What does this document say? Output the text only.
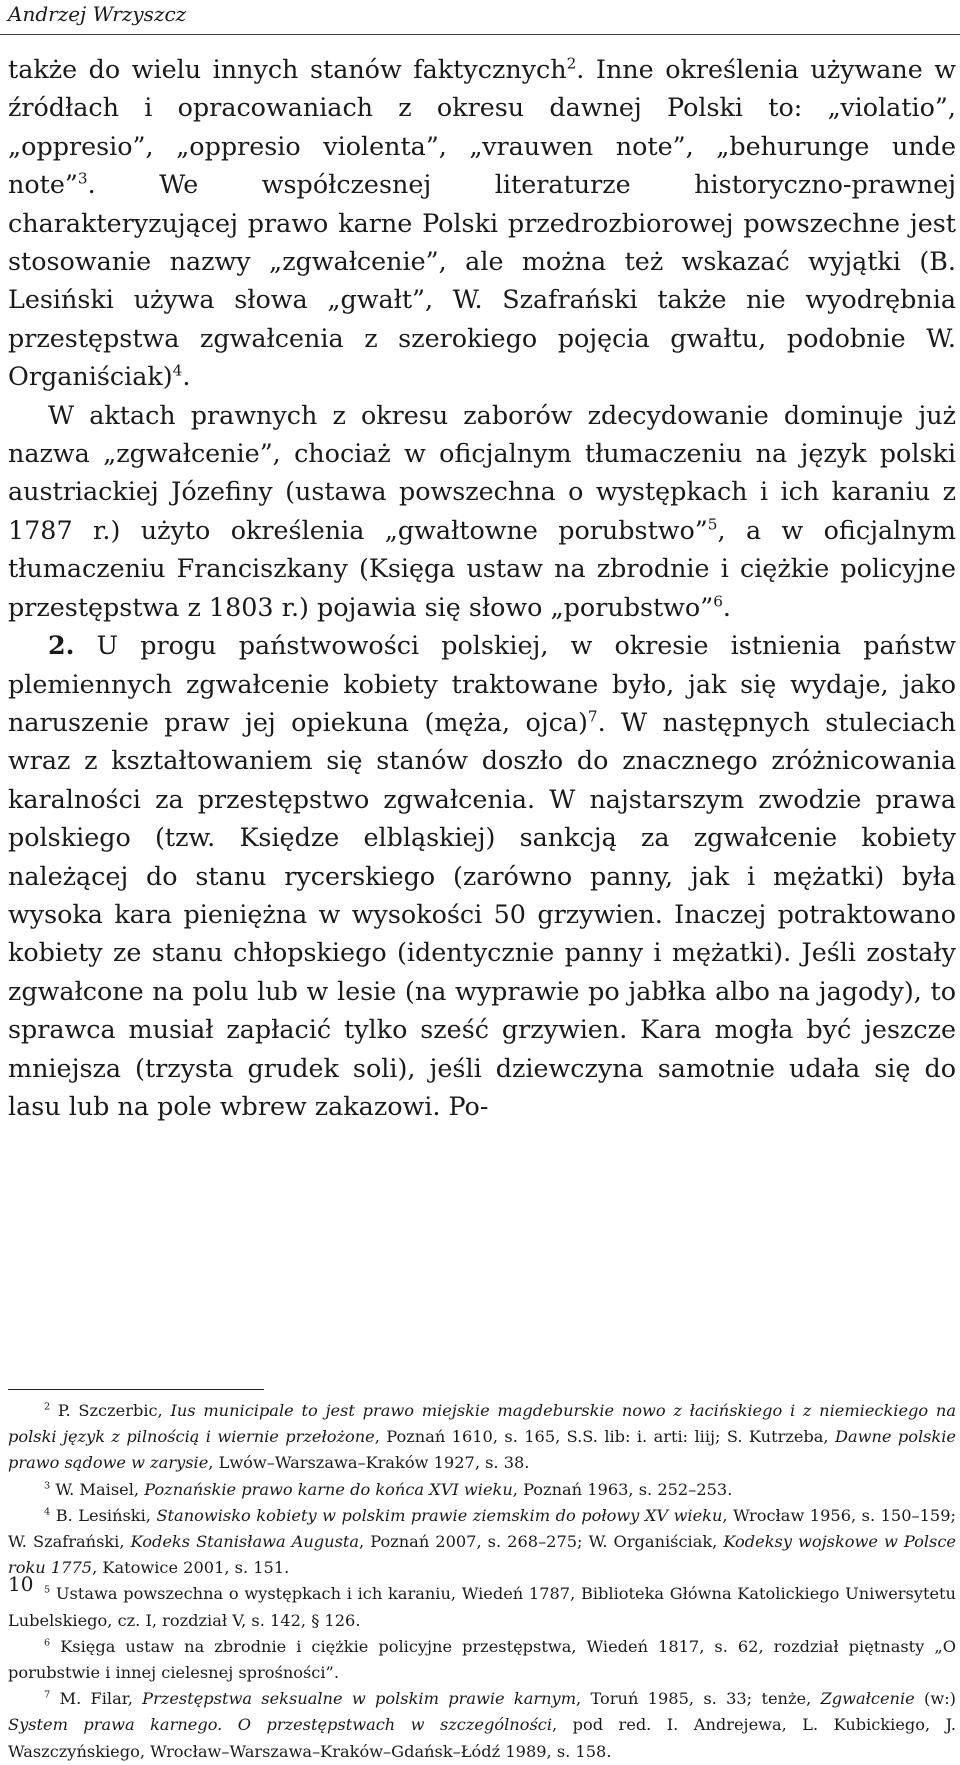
Andrzej Wrzyszcz

także do wielu innych stanów faktycznych$^2$. Inne określenia używane w źródłach i opracowaniach z okresu dawnej Polski to: „violatio”, „oppresio”, „oppresio violenta”, „vrauwen note”, „behurunge unde note”$^3$. We współczesnej literaturze historyczno-prawnej charakteryzującej prawo karne Polski przedrozbiorowej powszechne jest stosowanie nazwy „zgwałcenie”, ale można też wskazać wyjątki (B. Lesiński używa słowa „gwałt”, W. Szafrański także nie wyodrębnia przestępstwa zgwałcenia z szerokiego pojęcia gwałtu, podobnie W. Organiściak)$^4$.

W aktach prawnych z okresu zaborów zdecydowanie dominuje już nazwa „zgwałcenie”, chociaż w oficjalnym tłumaczeniu na język polski austriackiej Józefiny (ustawa powszechna o występkach i ich karaniu z 1787 r.) użyto określenia „gwałtowne porubstwo”$^5$, a w oficjalnym tłumaczeniu Franciszkany (Księga ustaw na zbrodnie i ciężkie policyjne przestępstwa z 1803 r.) pojawia się słowo „porubstwo”$^6$.

2. U progu państwowości polskiej, w okresie istnienia państw plemiennych zgwałcenie kobiety traktowane było, jak się wydaje, jako naruszenie praw jej opiekuna (męża, ojca)$^7$. W następnych stuleciach wraz z kształtowaniem się stanów doszło do znacznego zróżnicowania karalności za przestępstwo zgwałcenia. W najstarszym zwodzie prawa polskiego (tzw. Księdze elbląskiej) sankcją za zgwałcenie kobiety należącej do stanu rycerskiego (zarówno panny, jak i mężatki) była wysoka kara pieniężna w wysokości 50 grzywien. Inaczej potraktowano kobiety ze stanu chłopskiego (identycznie panny i mężatki). Jeśli zostały zgwałcone na polu lub w lesie (na wyprawie po jabłka albo na jagody), to sprawca musiał zapłacić tylko sześć grzywien. Kara mogła być jeszcze mniejsza (trzysta grudek soli), jeśli dziewczyna samotnie udała się do lasu lub na pole wbrew zakazowi. Po-

$^2$ P. Szczerbic, Ius municipale to jest prawo miejskie magdeburskie nowo z łacińskiego i z niemieckiego na polski język z pilnością i wiernie przełożone, Poznań 1610, s. 165, S.S. lib: i. arti: liij; S. Kutrzeba, Dawne polskie prawo sądowe w zarysie, Lwów–Warszawa–Kraków 1927, s. 38.

$^3$ W. Maisel, Poznańskie prawo karne do końca XVI wieku, Poznań 1963, s. 252–253.

$^4$ B. Lesiński, Stanowisko kobiety w polskim prawie ziemskim do połowy XV wieku, Wrocław 1956, s. 150–159; W. Szafrański, Kodeks Stanisława Augusta, Poznań 2007, s. 268–275; W. Organiściak, Kodeksy wojskowe w Polsce roku 1775, Katowice 2001, s. 151.

$^5$ Ustawa powszechna o występkach i ich karaniu, Wiedeń 1787, Biblioteka Główna Katolickiego Uniwersytetu Lubelskiego, cz. I, rozdział V, s. 142, § 126.

$^6$ Księga ustaw na zbrodnie i ciężkie policyjne przestępstwa, Wiedeń 1817, s. 62, rozdział piętnasty „O porubstwie i innej cielesnej sprośności”.

$^7$ M. Filar, Przestępstwa seksualne w polskim prawie karnym, Toruń 1985, s. 33; tenże, Zgwałcenie (w:) System prawa karnego. O przestępstwach w szczególności, pod red. I. Andrejewa, L. Kubickiego, J. Waszczyńskiego, Wrocław–Warszawa–Kraków–Gdańsk–Łódź 1989, s. 158.

10
